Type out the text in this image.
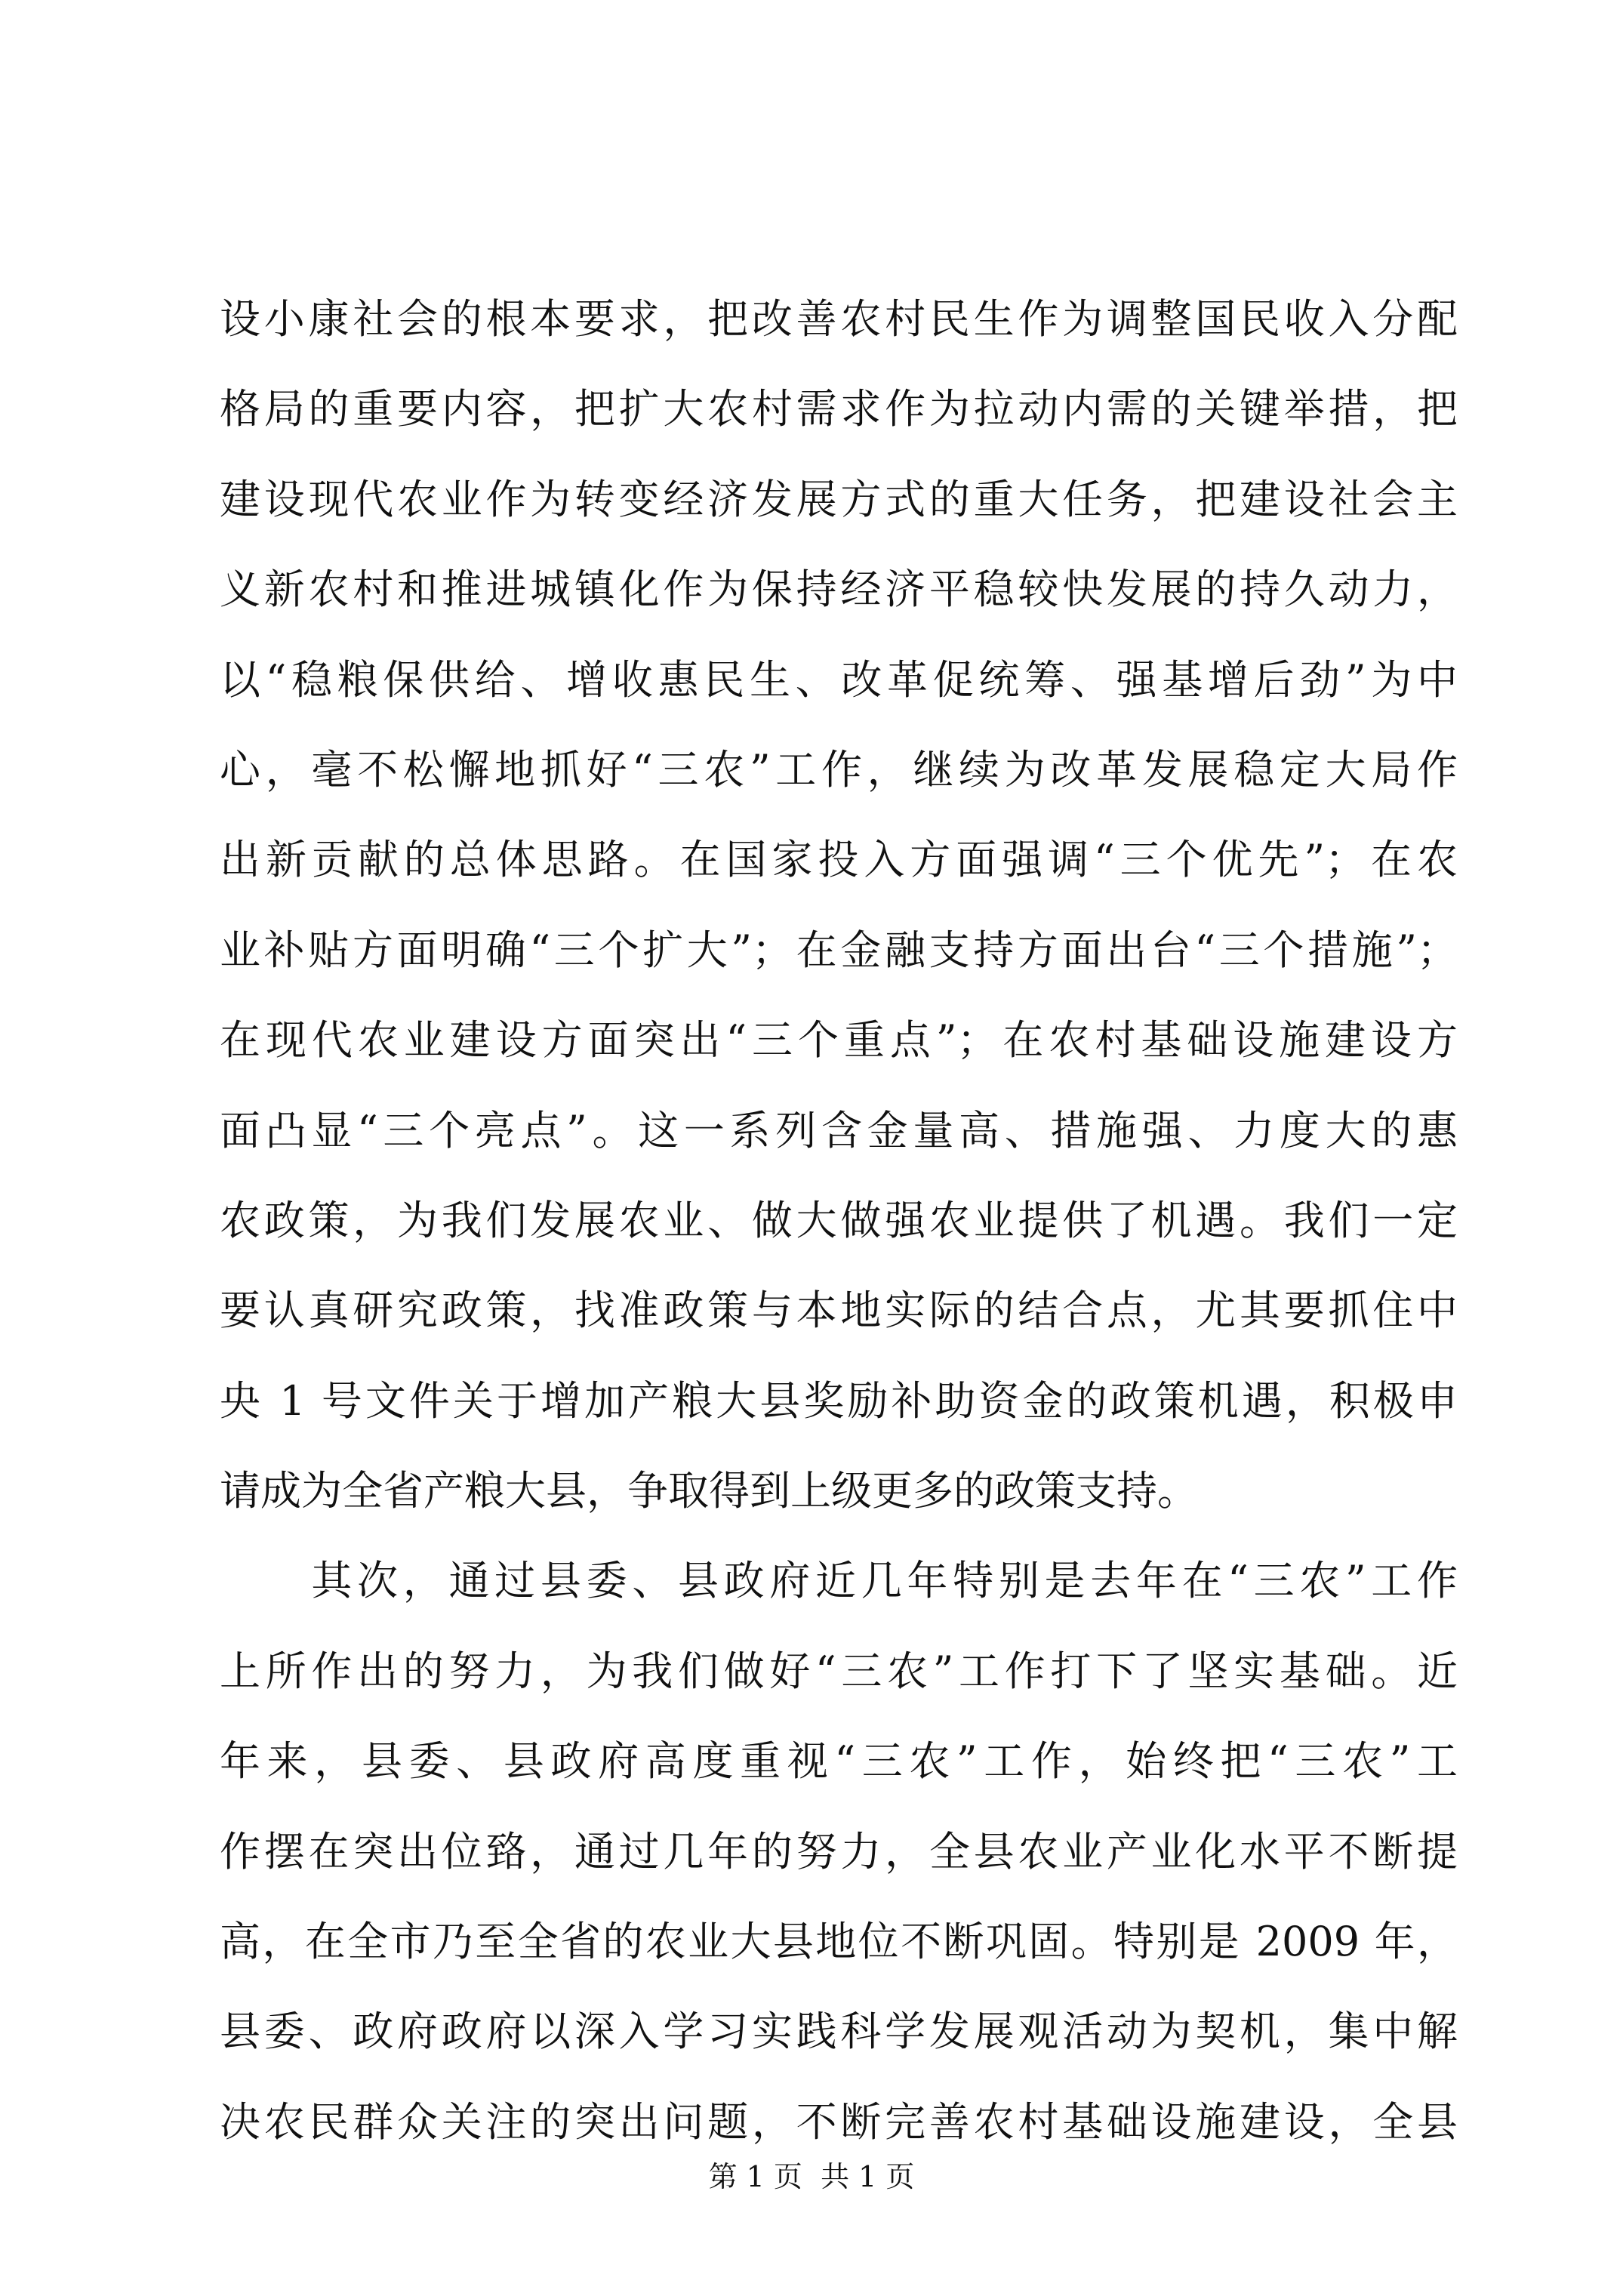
设小康社会的根本要求，把改善农村民生作为调整国民收入分配
格局的重要内容，把扩大农村需求作为拉动内需的关键举措，把
建设现代农业作为转变经济发展方式的重大任务，把建设社会主
义新农村和推进城镇化作为保持经济平稳较快发展的持久动力，
以“稳粮保供给、增收惠民生、改革促统筹、强基增后劲”为中
心，毫不松懈地抓好“三农”工作，继续为改革发展稳定大局作
出新贡献的总体思路。在国家投入方面强调“三个优先”；在农
业补贴方面明确“三个扩大”；在金融支持方面出台“三个措施”；
在现代农业建设方面突出“三个重点”；在农村基础设施建设方
面凸显“三个亮点”。这一系列含金量高、措施强、力度大的惠
农政策，为我们发展农业、做大做强农业提供了机遇。我们一定
要认真研究政策，找准政策与本地实际的结合点，尤其要抓住中
央 1 号文件关于增加产粮大县奖励补助资金的政策机遇，积极申
请成为全省产粮大县，争取得到上级更多的政策支持。
　　其次，通过县委、县政府近几年特别是去年在“三农”工作
上所作出的努力，为我们做好“三农”工作打下了坚实基础。近
年来，县委、县政府高度重视“三农”工作，始终把“三农”工
作摆在突出位臵，通过几年的努力，全县农业产业化水平不断提
高，在全市乃至全省的农业大县地位不断巩固。特别是 2009 年，
县委、政府政府以深入学习实践科学发展观活动为契机，集中解
决农民群众关注的突出问题，不断完善农村基础设施建设，全县
第 1 页  共 1 页
